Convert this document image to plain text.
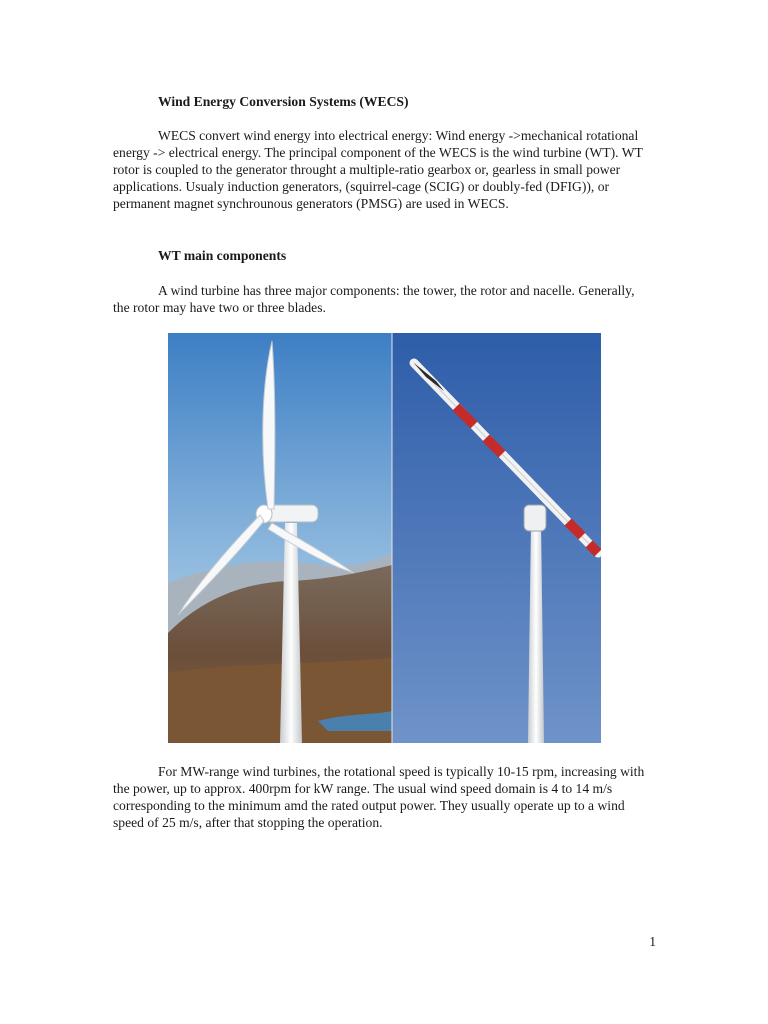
Wind Energy Conversion Systems (WECS)
WECS convert wind energy into electrical energy: Wind energy ->mechanical rotational energy -> electrical energy. The principal component of the WECS is the wind turbine (WT). WT rotor is coupled to the generator throught a multiple-ratio gearbox or, gearless in small power applications. Usualy induction generators, (squirrel-cage (SCIG) or doubly-fed (DFIG)), or permanent magnet synchrounous generators (PMSG) are used in WECS.
WT main components
A wind turbine has three major components: the tower, the rotor and nacelle. Generally, the rotor may have two or three blades.
For MW-range wind turbines, the rotational speed is typically 10-15 rpm, increasing with the power, up to approx. 400rpm for kW range. The usual wind speed domain is 4 to 14 m/s corresponding to the minimum amd the rated output power. They usually operate up to a wind speed of 25 m/s, after that stopping the operation.
1
